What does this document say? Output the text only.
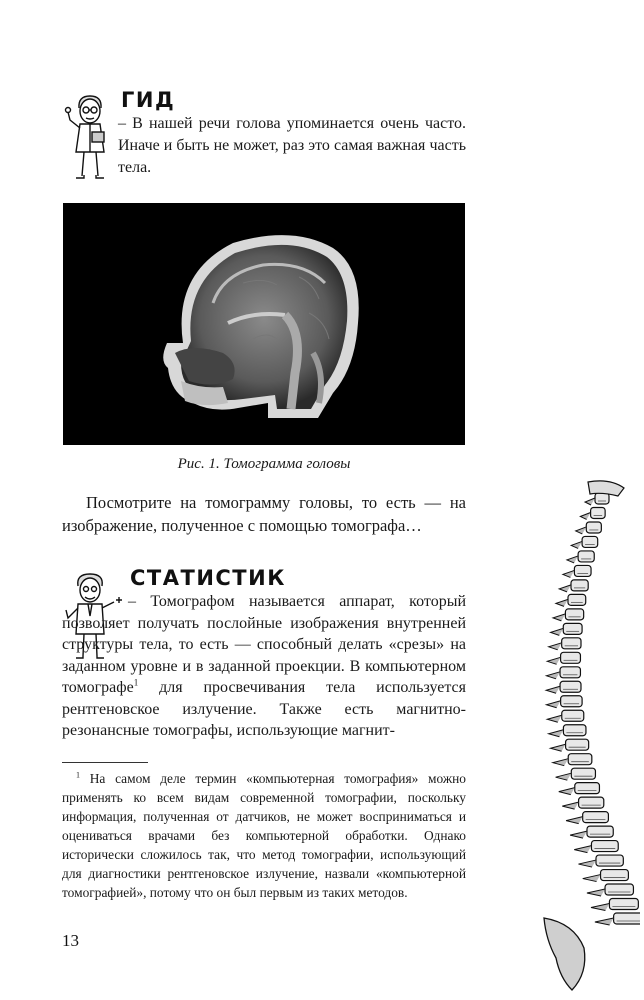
ГИД

– В нашей речи голова упоминается очень часто. Иначе и быть не может, раз это самая важная часть тела.

Рис. 1. Томограмма головы

Посмотрите на томограмму головы, то есть — на изображение, полученное с помощью томографа…

СТАТИСТИК

– Томографом называется аппарат, который позволяет получать послойные изображения внутренней структуры тела, то есть — способный делать «срезы» на заданном уровне и в заданной проекции. В компьютерном томографе$^1$ для просвечивания тела используется рентгеновское излучение. Также есть магнитно-резонансные томографы, использующие магнит-

$^1$ На самом деле термин «компьютерная томография» можно применять ко всем видам современной томографии, поскольку информация, полученная от датчиков, не может восприниматься и оцениваться врачами без компьютерной обработки. Однако исторически сложилось так, что метод томографии, использующий для диагностики рентгеновское излучение, назвали «компьютерной томографией», потому что он был первым из таких методов.

13
